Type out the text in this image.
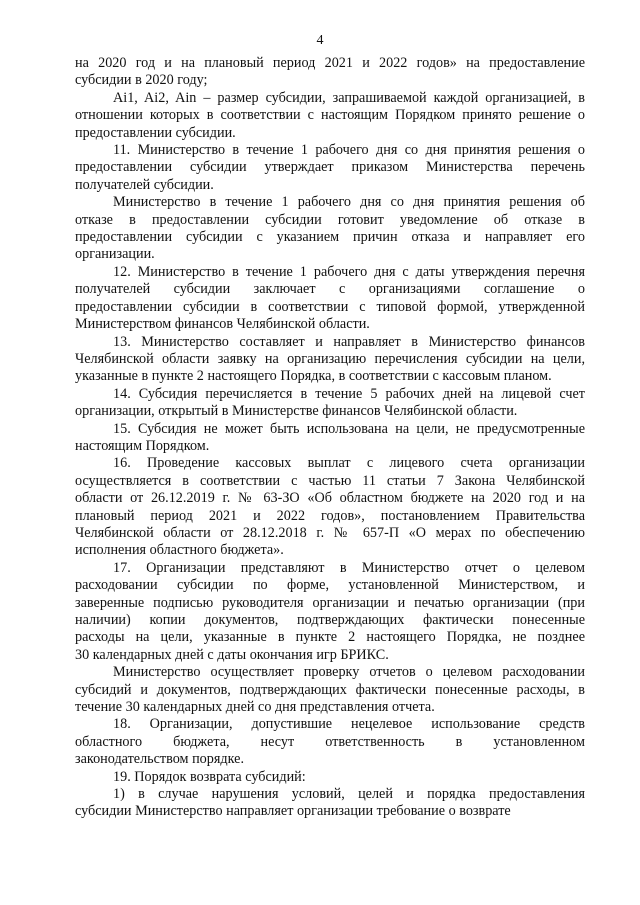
4
на 2020 год и на плановый период 2021 и 2022 годов» на предоставление
субсидии в 2020 году;
Ai1, Ai2, Ain – размер субсидии, запрашиваемой каждой организацией, в
отношении которых в соответствии с настоящим Порядком принято решение о
предоставлении субсидии.
11. Министерство в течение 1 рабочего дня со дня принятия решения о
предоставлении субсидии утверждает приказом Министерства перечень
получателей субсидии.
Министерство в течение 1 рабочего дня со дня принятия решения об
отказе в предоставлении субсидии готовит уведомление об отказе в
предоставлении субсидии с указанием причин отказа и направляет его
организации.
12. Министерство в течение 1 рабочего дня с даты утверждения перечня
получателей субсидии заключает с организациями соглашение о
предоставлении субсидии в соответствии с типовой формой, утвержденной
Министерством финансов Челябинской области.
13. Министерство составляет и направляет в Министерство финансов
Челябинской области заявку на организацию перечисления субсидии на цели,
указанные в пункте 2 настоящего Порядка, в соответствии с кассовым планом.
14. Субсидия перечисляется в течение 5 рабочих дней на лицевой счет
организации, открытый в Министерстве финансов Челябинской области.
15. Субсидия не может быть использована на цели, не предусмотренные
настоящим Порядком.
16. Проведение кассовых выплат с лицевого счета организации
осуществляется в соответствии с частью 11 статьи 7 Закона Челябинской
области от 26.12.2019 г. № 63-ЗО «Об областном бюджете на 2020 год и на
плановый период 2021 и 2022 годов», постановлением Правительства
Челябинской области от 28.12.2018 г. № 657-П «О мерах по обеспечению
исполнения областного бюджета».
17. Организации представляют в Министерство отчет о целевом
расходовании субсидии по форме, установленной Министерством, и
заверенные подписью руководителя организации и печатью организации (при
наличии) копии документов, подтверждающих фактически понесенные
расходы на цели, указанные в пункте 2 настоящего Порядка, не позднее
30 календарных дней с даты окончания игр БРИКС.
Министерство осуществляет проверку отчетов о целевом расходовании
субсидий и документов, подтверждающих фактически понесенные расходы, в
течение 30 календарных дней со дня представления отчета.
18. Организации, допустившие нецелевое использование средств
областного бюджета, несут ответственность в установленном
законодательством порядке.
19. Порядок возврата субсидий:
1) в случае нарушения условий, целей и порядка предоставления
субсидии Министерство направляет организации требование о возврате
